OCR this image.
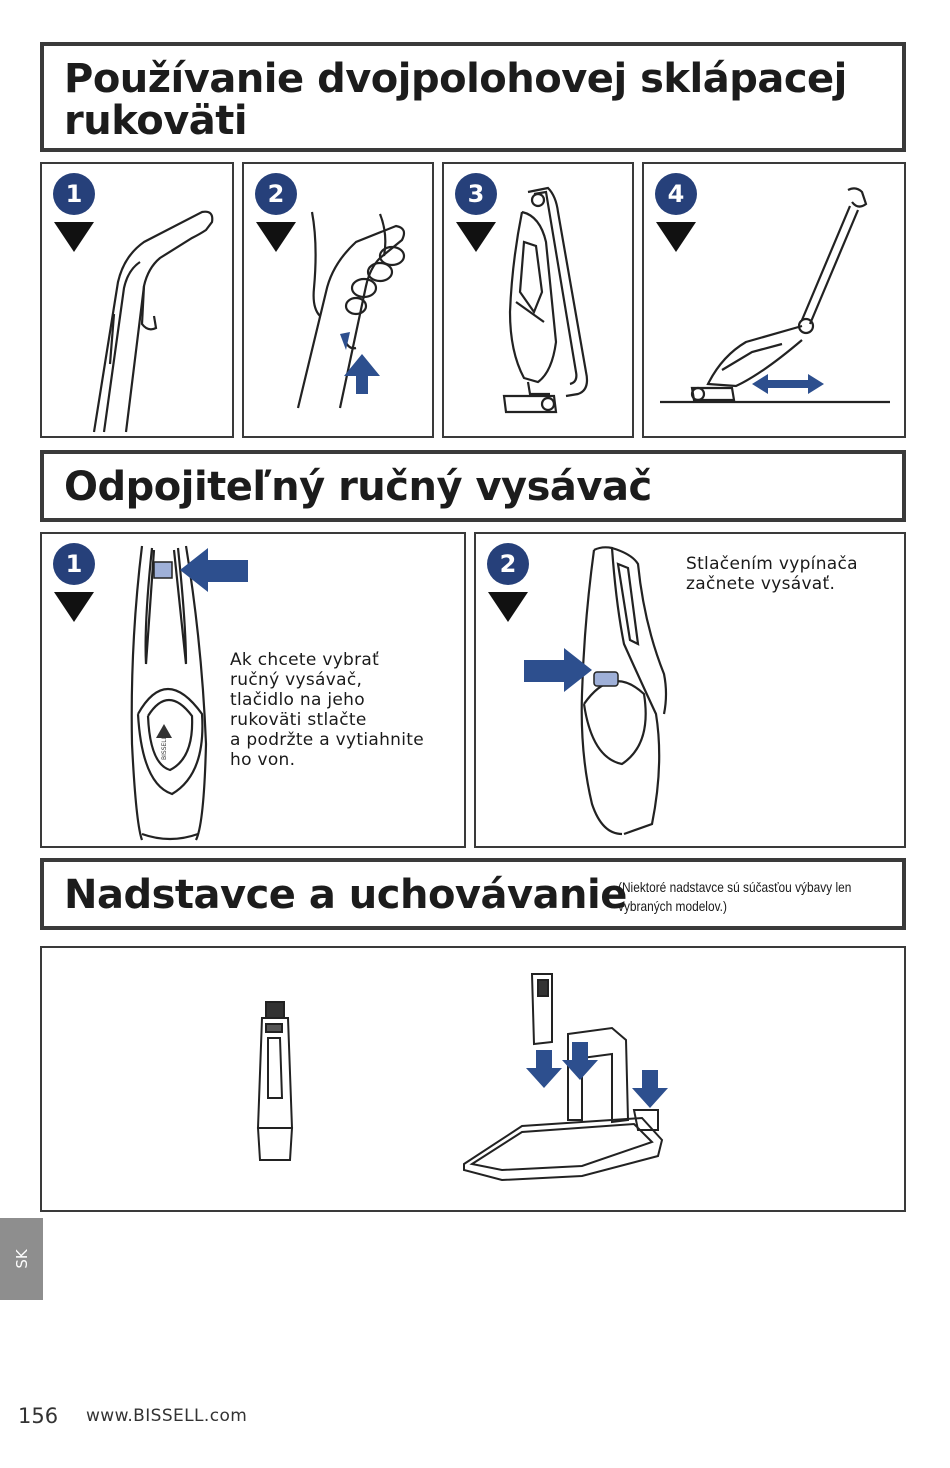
Používanie dvojpolohovej sklápacej
rukoväti
1	2	3	4
Odpojiteľný ručný vysávač
1
BISSELL
Ak chcete vybrať
ručný vysávač,
tlačidlo na jeho
rukoväti stlačte
a podržte a vytiahnite
ho von.
2	Stlačením vypínača
začnete vysávať.
Nadstavce a uchovávanie
(Niektoré nadstavce sú súčasťou výbavy len
vybraných modelov.)
SK
156 www.BISSELL.com
